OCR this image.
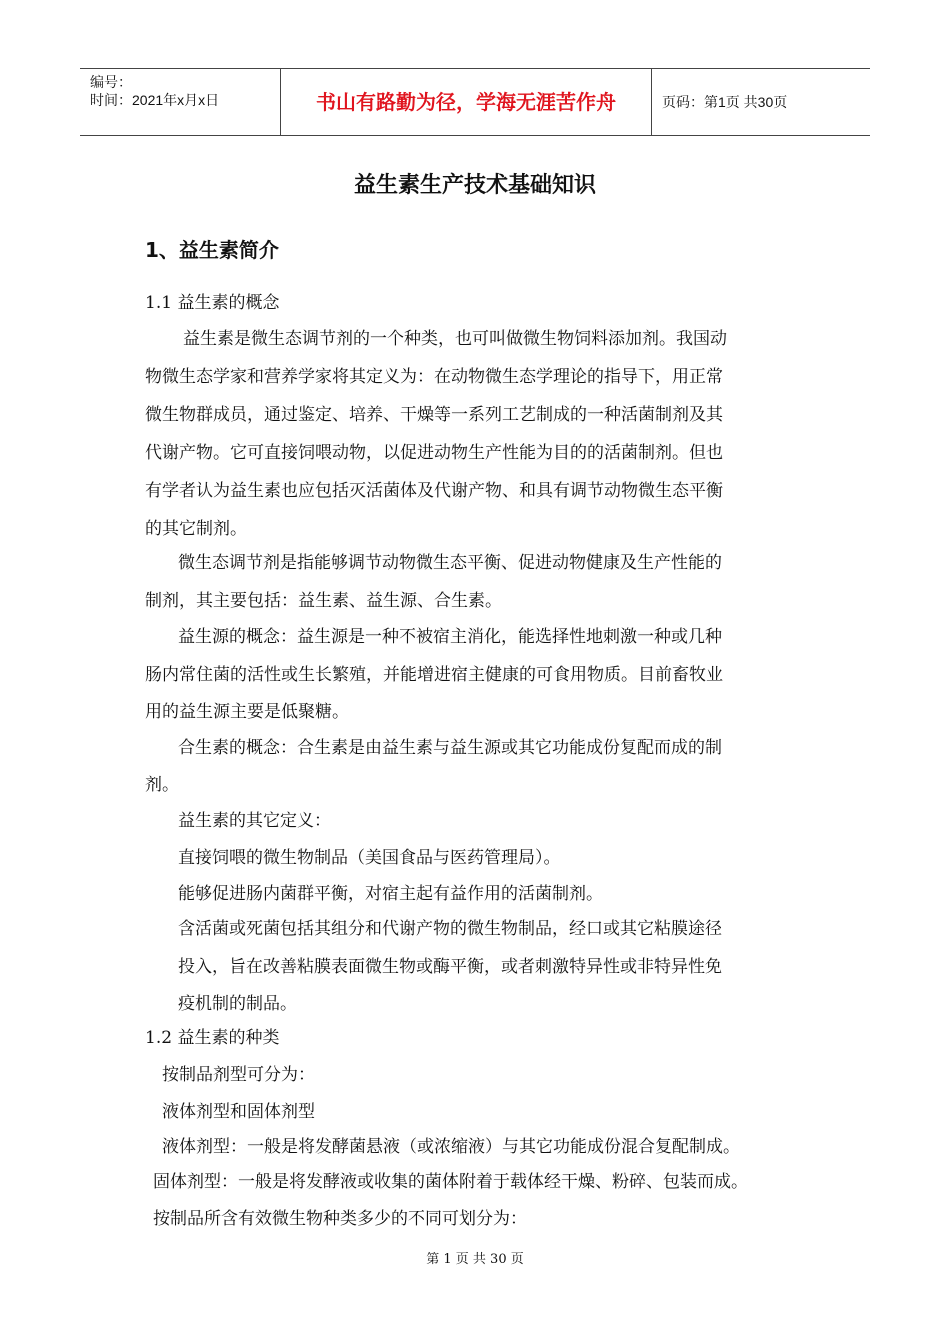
编号：
时间：2021年x月x日	书山有路勤为径，学海无涯苦作舟	页码：第1页 共30页
益生素生产技术基础知识
1、益生素简介
1.1 益生素的概念
益生素是微生态调节剂的一个种类，也可叫做微生物饲料添加剂。我国动
物微生态学家和营养学家将其定义为：在动物微生态学理论的指导下，用正常
微生物群成员，通过鉴定、培养、干燥等一系列工艺制成的一种活菌制剂及其
代谢产物。它可直接饲喂动物，以促进动物生产性能为目的的活菌制剂。但也
有学者认为益生素也应包括灭活菌体及代谢产物、和具有调节动物微生态平衡
的其它制剂。
微生态调节剂是指能够调节动物微生态平衡、促进动物健康及生产性能的
制剂，其主要包括：益生素、益生源、合生素。
益生源的概念：益生源是一种不被宿主消化，能选择性地刺激一种或几种
肠内常住菌的活性或生长繁殖，并能增进宿主健康的可食用物质。目前畜牧业
用的益生源主要是低聚糖。
合生素的概念：合生素是由益生素与益生源或其它功能成份复配而成的制
剂。
益生素的其它定义：
直接饲喂的微生物制品（美国食品与医药管理局）。
能够促进肠内菌群平衡，对宿主起有益作用的活菌制剂。
含活菌或死菌包括其组分和代谢产物的微生物制品，经口或其它粘膜途径
投入，旨在改善粘膜表面微生物或酶平衡，或者刺激特异性或非特异性免
疫机制的制品。
1.2 益生素的种类
按制品剂型可分为：
液体剂型和固体剂型
液体剂型：一般是将发酵菌悬液（或浓缩液）与其它功能成份混合复配制成。
固体剂型：一般是将发酵液或收集的菌体附着于载体经干燥、粉碎、包装而成。
按制品所含有效微生物种类多少的不同可划分为：
第 1 页 共 30 页
